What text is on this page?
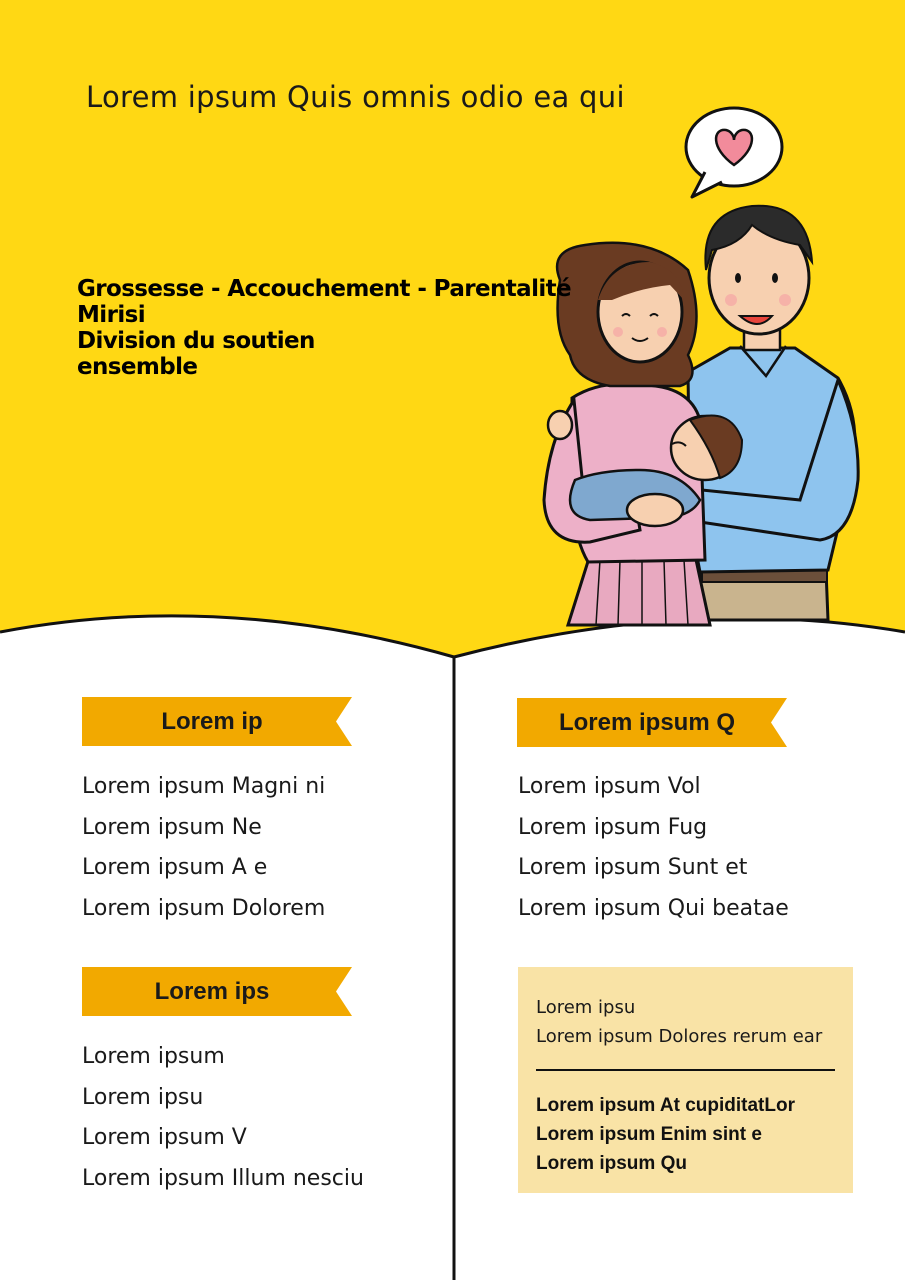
Lorem ipsum Quis omnis odio ea qui
Grossesse - Accouchement - Parentalité
Mirisi
Division du soutien
ensemble
Lorem ip
Lorem ipsum Magni ni
Lorem ipsum Ne
Lorem ipsum A e
Lorem ipsum Dolorem
Lorem ips
Lorem ipsum
Lorem ipsu
Lorem ipsum V
Lorem ipsum Illum nesciu
Lorem ipsum Q
Lorem ipsum Vol
Lorem ipsum Fug
Lorem ipsum Sunt et
Lorem ipsum Qui beatae
Lorem ipsu
Lorem ipsum Dolores rerum ear
Lorem ipsum At cupiditatLor
Lorem ipsum Enim sint e
Lorem ipsum Qu
